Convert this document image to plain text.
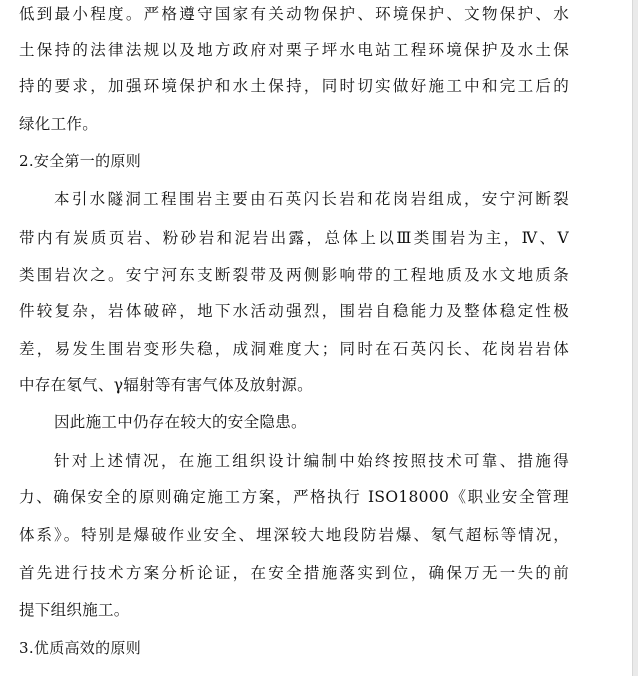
低到最小程度。严格遵守国家有关动物保护、环境保护、文物保护、水
土保持的法律法规以及地方政府对栗子坪水电站工程环境保护及水土保
持的要求，加强环境保护和水土保持，同时切实做好施工中和完工后的
绿化工作。
2.安全第一的原则
本引水隧洞工程围岩主要由石英闪长岩和花岗岩组成，安宁河断裂
带内有炭质页岩、粉砂岩和泥岩出露，总体上以Ⅲ类围岩为主，Ⅳ、Ⅴ
类围岩次之。安宁河东支断裂带及两侧影响带的工程地质及水文地质条
件较复杂，岩体破碎，地下水活动强烈，围岩自稳能力及整体稳定性极
差，易发生围岩变形失稳，成洞难度大；同时在石英闪长、花岗岩岩体
中存在氡气、γ辐射等有害气体及放射源。
因此施工中仍存在较大的安全隐患。
针对上述情况，在施工组织设计编制中始终按照技术可靠、措施得
力、确保安全的原则确定施工方案，严格执行 ISO18000《职业安全管理
体系》。特别是爆破作业安全、埋深较大地段防岩爆、氡气超标等情况，
首先进行技术方案分析论证，在安全措施落实到位，确保万无一失的前
提下组织施工。
3.优质高效的原则
